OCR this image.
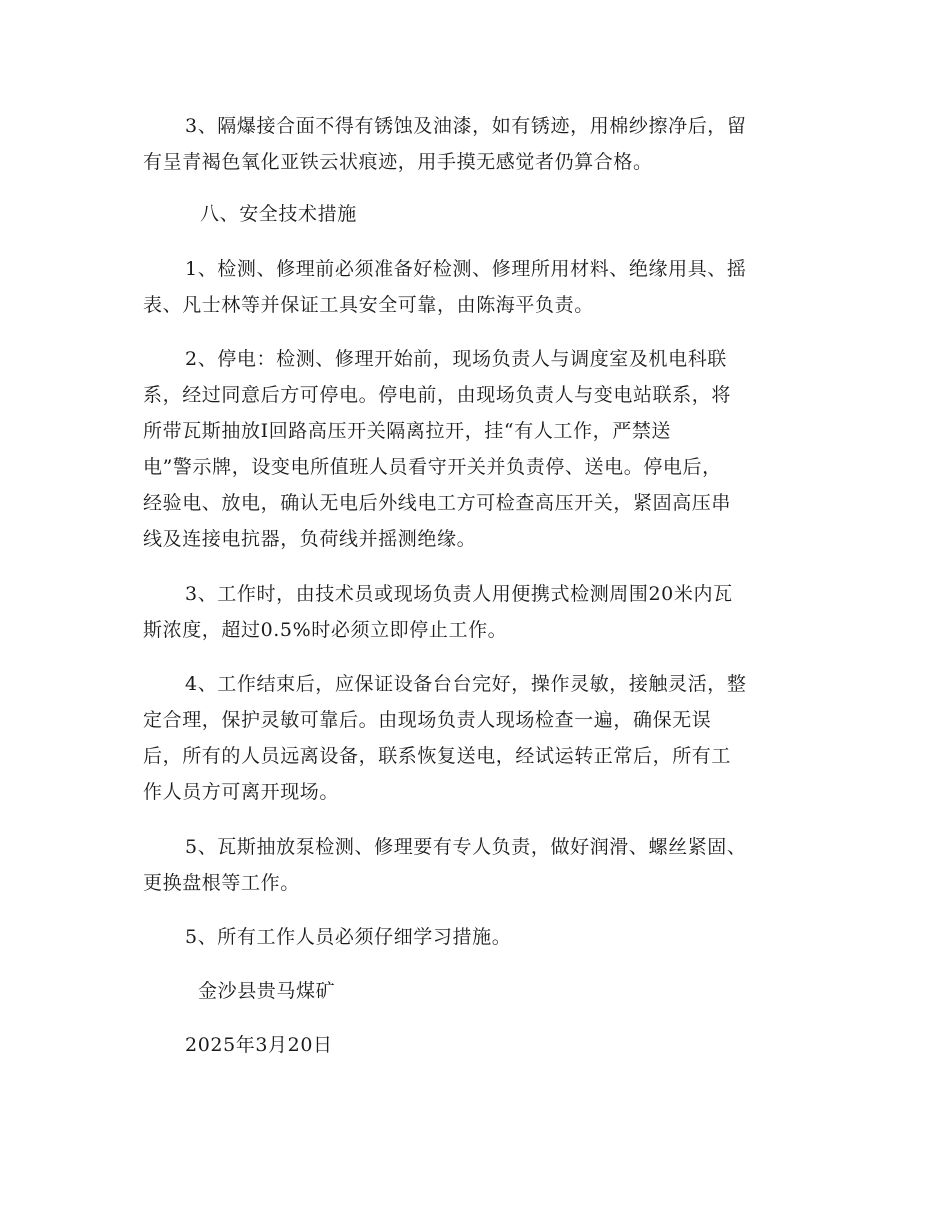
3、隔爆接合面不得有锈蚀及油漆，如有锈迹，用棉纱擦净后，留
有呈青褐色氧化亚铁云状痕迹，用手摸无感觉者仍算合格。
八、安全技术措施
1、检测、修理前必须准备好检测、修理所用材料、绝缘用具、摇
表、凡士林等并保证工具安全可靠，由陈海平负责。
2、停电：检测、修理开始前，现场负责人与调度室及机电科联
系，经过同意后方可停电。停电前，由现场负责人与变电站联系，将
所带瓦斯抽放Ⅰ回路高压开关隔离拉开，挂“有人工作，严禁送
电”警示牌，设变电所值班人员看守开关并负责停、送电。停电后，
经验电、放电，确认无电后外线电工方可检查高压开关，紧固高压串
线及连接电抗器，负荷线并摇测绝缘。
3、工作时，由技术员或现场负责人用便携式检测周围20米内瓦
斯浓度，超过0.5%时必须立即停止工作。
4、工作结束后，应保证设备台台完好，操作灵敏，接触灵活，整
定合理，保护灵敏可靠后。由现场负责人现场检查一遍，确保无误
后，所有的人员远离设备，联系恢复送电，经试运转正常后，所有工
作人员方可离开现场。
5、瓦斯抽放泵检测、修理要有专人负责，做好润滑、螺丝紧固、
更换盘根等工作。
5、所有工作人员必须仔细学习措施。
金沙县贵马煤矿
2025年3月20日
